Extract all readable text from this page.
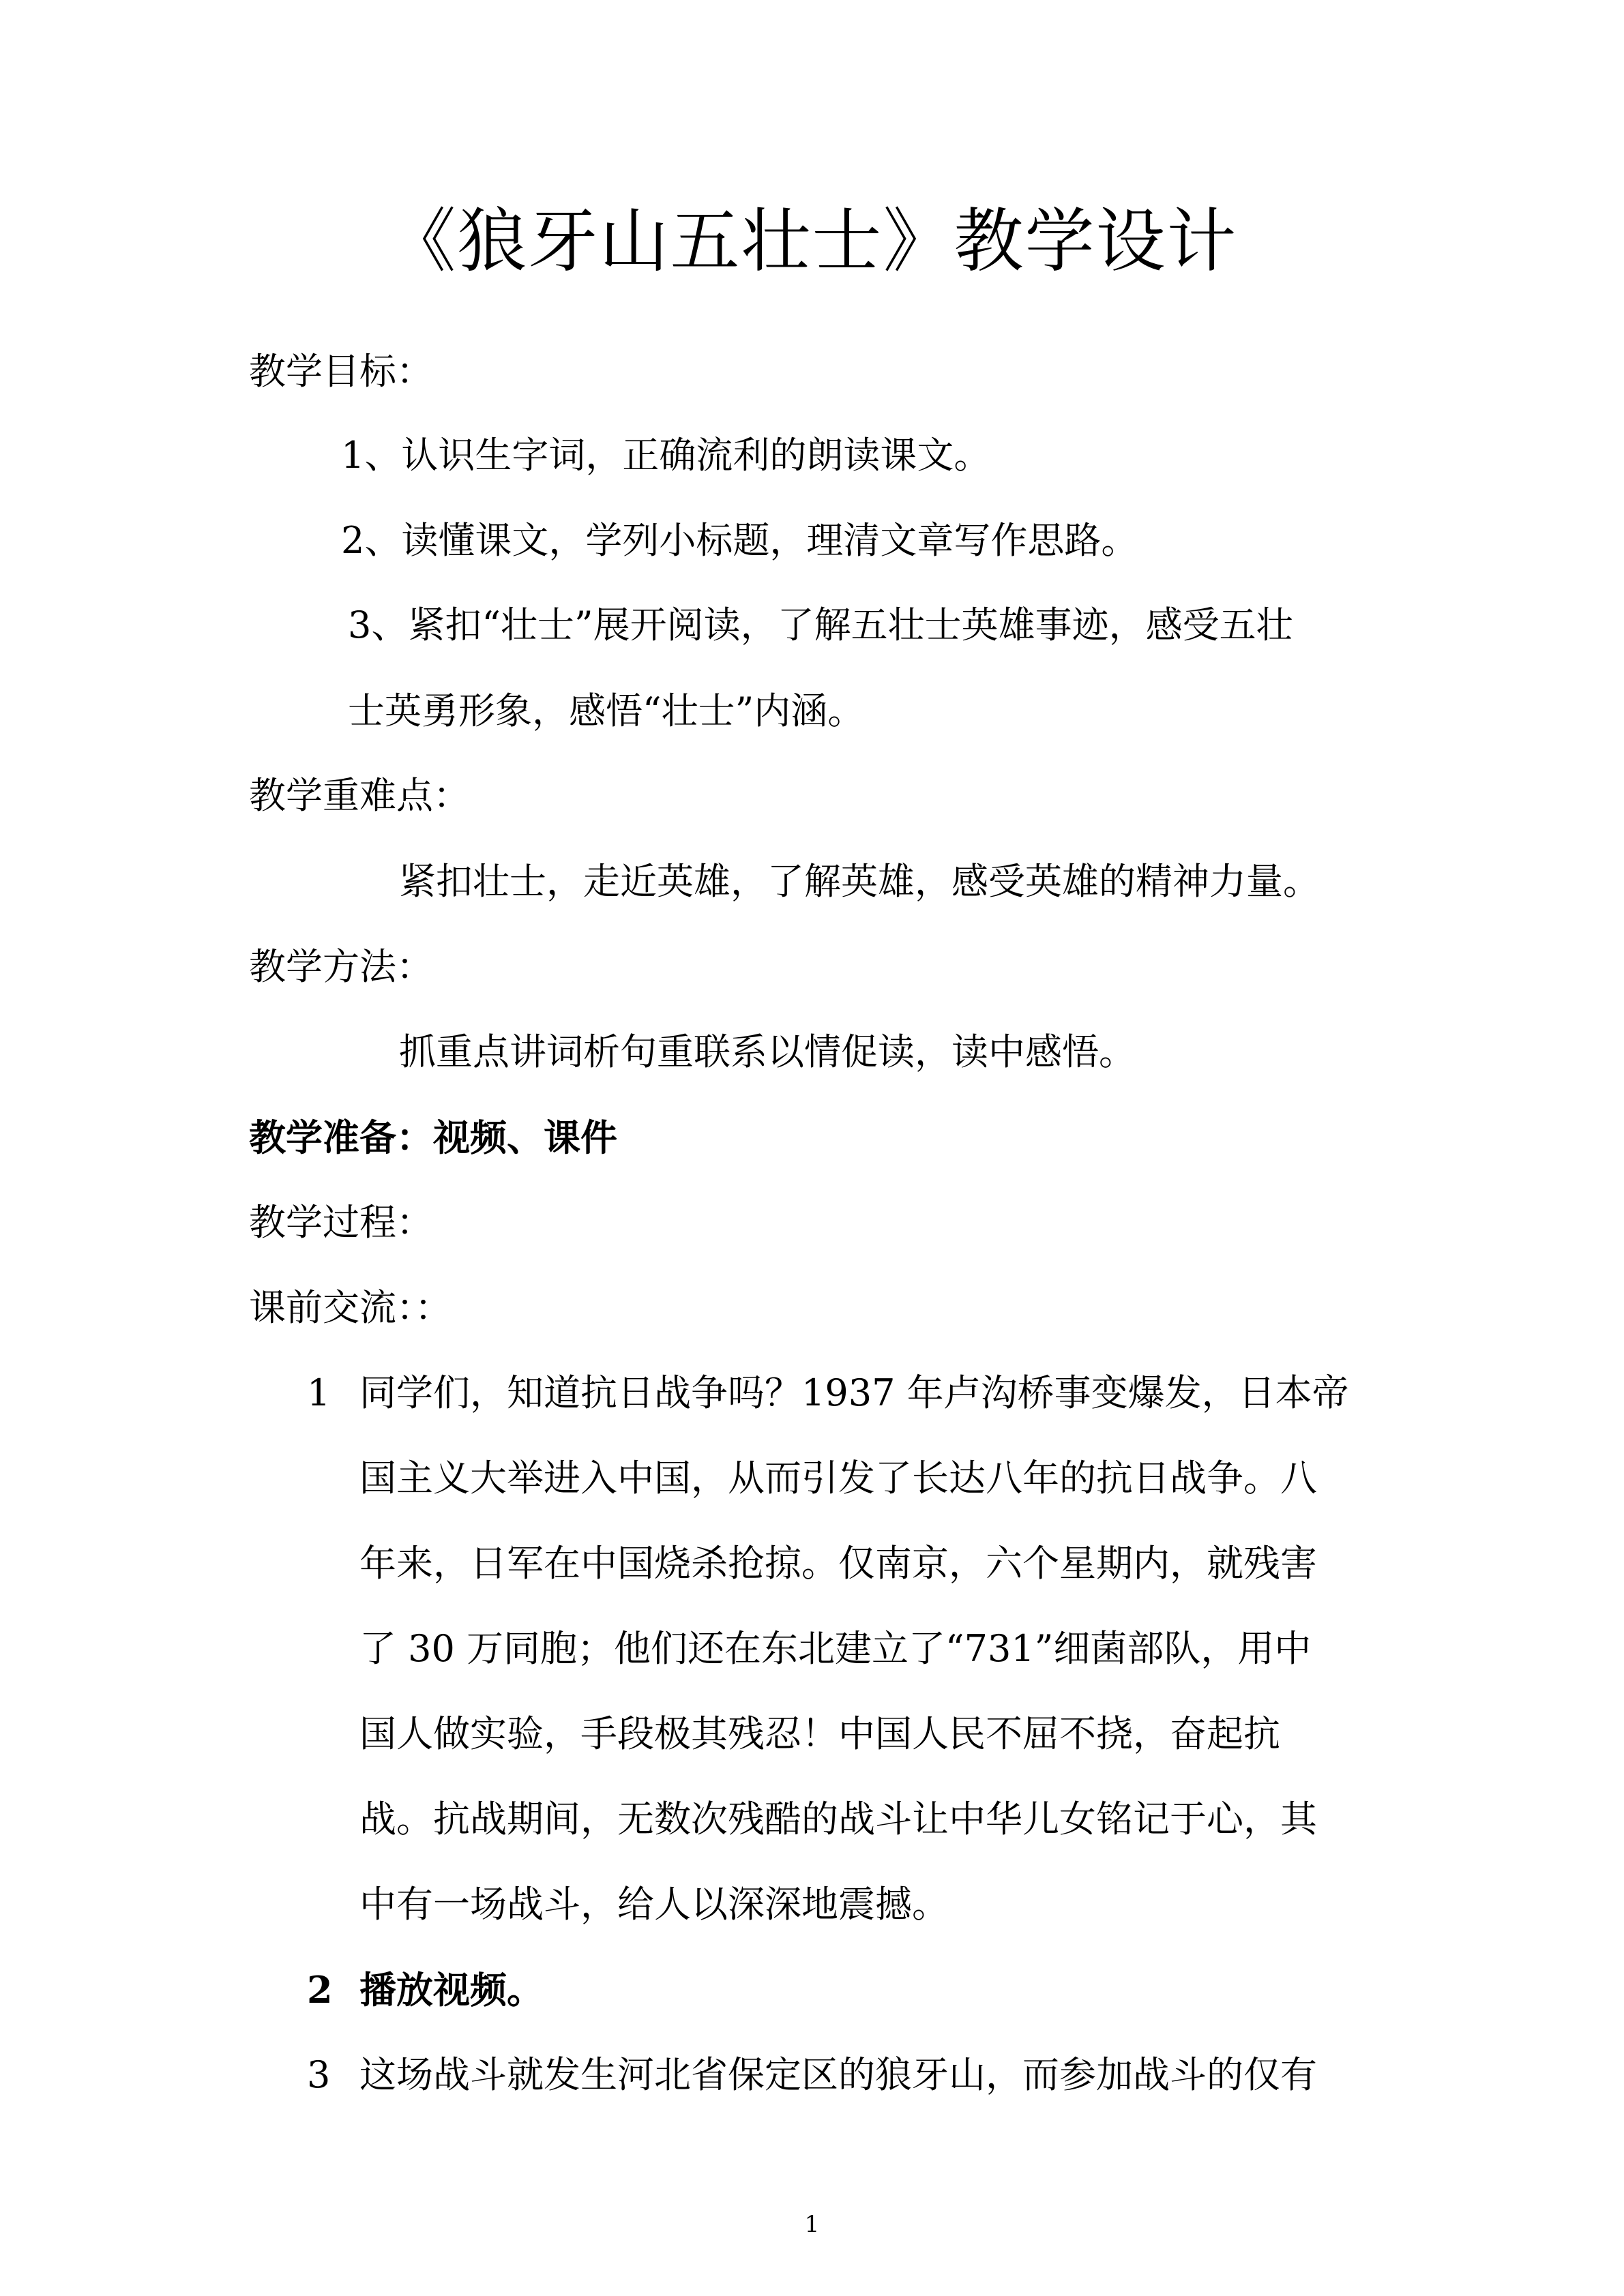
《狼牙山五壮士》教学设计
教学目标：
1、认识生字词，正确流利的朗读课文。
2、读懂课文，学列小标题，理清文章写作思路。
3、紧扣“壮士”展开阅读，了解五壮士英雄事迹，感受五壮
士英勇形象，感悟“壮士”内涵。
教学重难点：
紧扣壮士，走近英雄，了解英雄，感受英雄的精神力量。
教学方法：
抓重点讲词析句重联系以情促读，读中感悟。
教学准备：视频、课件
教学过程：
课前交流：：
1 同学们，知道抗日战争吗？1937 年卢沟桥事变爆发，日本帝
国主义大举进入中国，从而引发了长达八年的抗日战争。八
年来，日军在中国烧杀抢掠。仅南京，六个星期内，就残害
了 30 万同胞；他们还在东北建立了“731”细菌部队，用中
国人做实验，手段极其残忍！中国人民不屈不挠，奋起抗
战。抗战期间，无数次残酷的战斗让中华儿女铭记于心，其
中有一场战斗，给人以深深地震撼。
2 播放视频。
3 这场战斗就发生河北省保定区的狼牙山，而参加战斗的仅有
1
